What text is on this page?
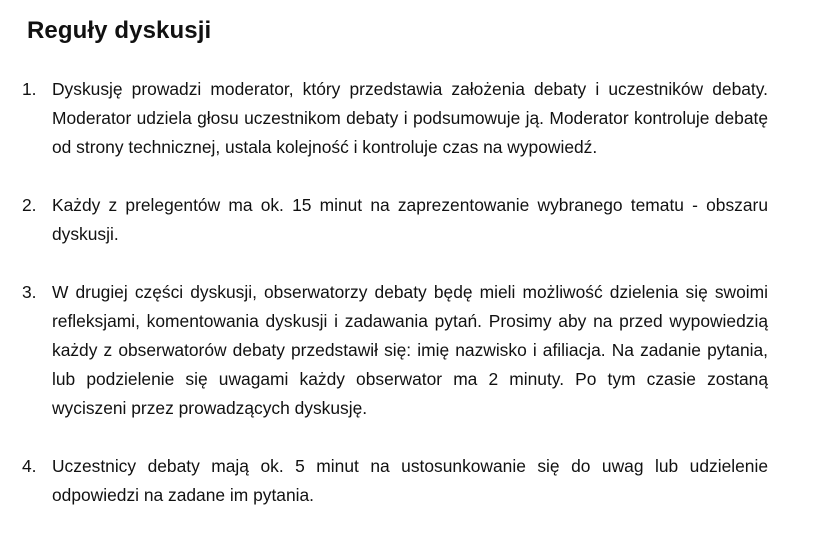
Reguły dyskusji
1. Dyskusję prowadzi moderator, który przedstawia założenia debaty i uczestników debaty. Moderator udziela głosu uczestnikom debaty i podsumowuje ją. Moderator kontroluje debatę od strony technicznej, ustala kolejność i kontroluje czas na wypowiedź.
2. Każdy z prelegentów ma ok. 15 minut na zaprezentowanie wybranego tematu - obszaru dyskusji.
3. W drugiej części dyskusji, obserwatorzy debaty będę mieli możliwość dzielenia się swoimi refleksjami, komentowania dyskusji i zadawania pytań. Prosimy aby na przed wypowiedzią każdy z obserwatorów debaty przedstawił się: imię nazwisko i afiliacja. Na zadanie pytania, lub podzielenie się uwagami każdy obserwator ma 2 minuty. Po tym czasie zostaną wyciszeni przez prowadzących dyskusję.
4. Uczestnicy debaty mają ok. 5 minut na ustosunkowanie się do uwag lub udzielenie odpowiedzi na zadane im pytania.
